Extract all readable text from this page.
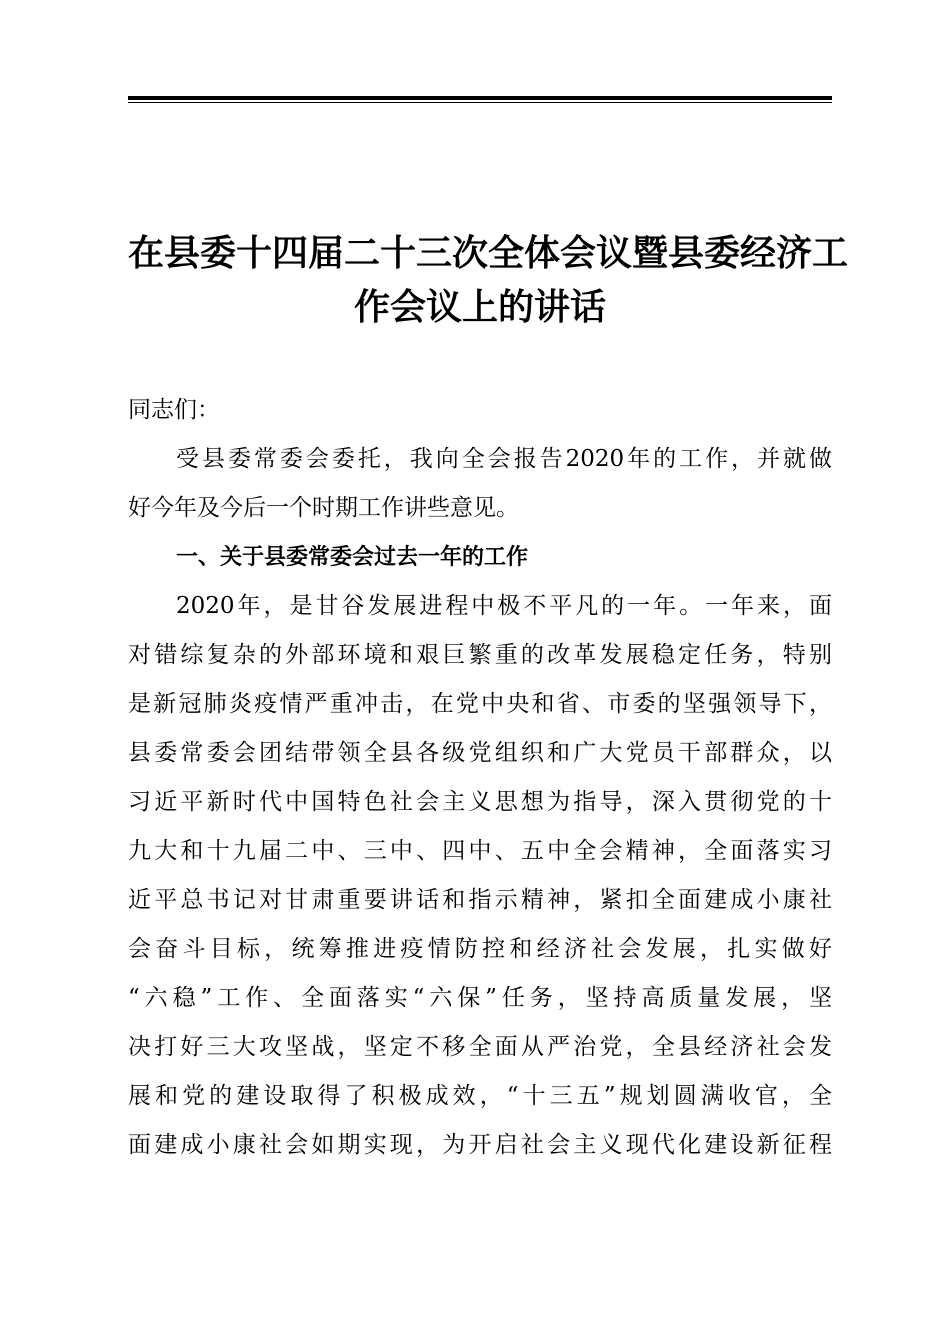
在县委十四届二十三次全体会议暨县委经济工
作会议上的讲话
同志们：
受县委常委会委托，我向全会报告2020年的工作，并就做
好今年及今后一个时期工作讲些意见。
一、关于县委常委会过去一年的工作
2020年，是甘谷发展进程中极不平凡的一年。一年来，面
对错综复杂的外部环境和艰巨繁重的改革发展稳定任务，特别
是新冠肺炎疫情严重冲击，在党中央和省、市委的坚强领导下，
县委常委会团结带领全县各级党组织和广大党员干部群众，以
习近平新时代中国特色社会主义思想为指导，深入贯彻党的十
九大和十九届二中、三中、四中、五中全会精神，全面落实习
近平总书记对甘肃重要讲话和指示精神，紧扣全面建成小康社
会奋斗目标，统筹推进疫情防控和经济社会发展，扎实做好
“六稳”工作、全面落实“六保”任务，坚持高质量发展，坚
决打好三大攻坚战，坚定不移全面从严治党，全县经济社会发
展和党的建设取得了积极成效，“十三五”规划圆满收官，全
面建成小康社会如期实现，为开启社会主义现代化建设新征程
